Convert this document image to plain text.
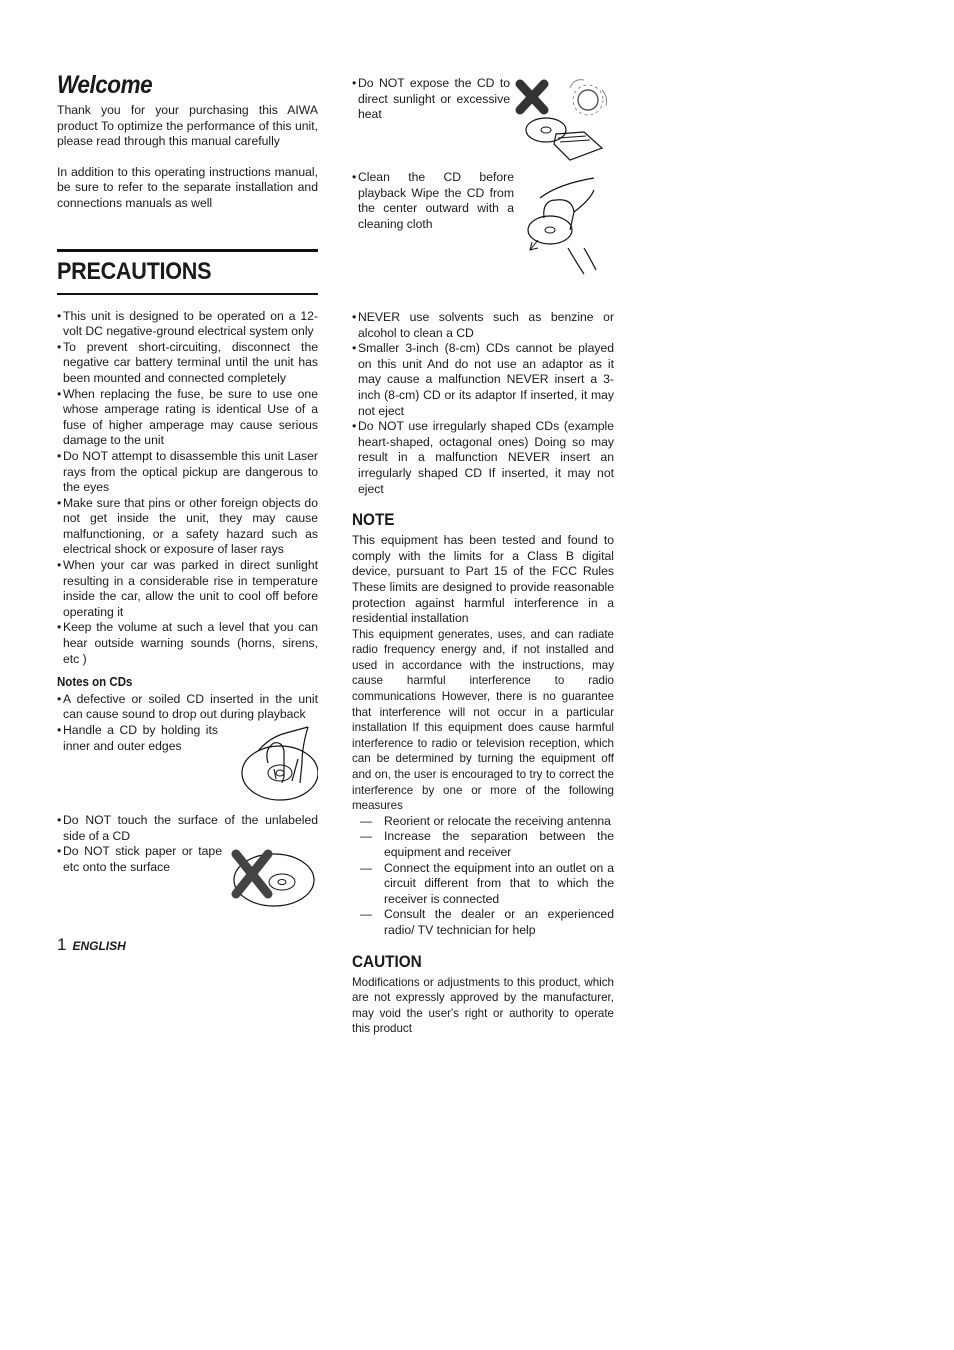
Welcome

Thank you for your purchasing this AIWA product To optimize the performance of this unit, please read through this manual carefully

In addition to this operating instructions manual, be sure to refer to the separate installation and connections manuals as well

PRECAUTIONS
• This unit is designed to be operated on a 12-volt DC negative-ground electrical system only
• To prevent short-circuiting, disconnect the negative car battery terminal until the unit has been mounted and connected completely
• When replacing the fuse, be sure to use one whose amperage rating is identical Use of a fuse of higher amperage may cause serious damage to the unit
• Do NOT attempt to disassemble this unit Laser rays from the optical pickup are dangerous to the eyes
• Make sure that pins or other foreign objects do not get inside the unit, they may cause malfunctioning, or a safety hazard such as electrical shock or exposure of laser rays
• When your car was parked in direct sunlight resulting in a considerable rise in temperature inside the car, allow the unit to cool off before operating it
• Keep the volume at such a level that you can hear outside warning sounds (horns, sirens, etc )
Notes on CDs
• A defective or soiled CD inserted in the unit can cause sound to drop out during playback
• Handle a CD by holding its inner and outer edges
• Do NOT touch the surface of the unlabeled side of a CD
• Do NOT stick paper or tape etc onto the surface
• Do NOT expose the CD to direct sunlight or excessive heat
• Clean the CD before playback Wipe the CD from the center outward with a cleaning cloth
• NEVER use solvents such as benzine or alcohol to clean a CD
• Smaller 3-inch (8-cm) CDs cannot be played on this unit And do not use an adaptor as it may cause a malfunction NEVER insert a 3-inch (8-cm) CD or its adaptor If inserted, it may not eject
• Do NOT use irregularly shaped CDs (example heart-shaped, octagonal ones) Doing so may result in a malfunction NEVER insert an irregularly shaped CD If inserted, it may not eject
NOTE

This equipment has been tested and found to comply with the limits for a Class B digital device, pursuant to Part 15 of the FCC Rules These limits are designed to provide reasonable protection against harmful interference in a residential installation

This equipment generates, uses, and can radiate radio frequency energy and, if not installed and used in accordance with the instructions, may cause harmful interference to radio communications However, there is no guarantee that interference will not occur in a particular installation If this equipment does cause harmful interference to radio or television reception, which can be determined by turning the equipment off and on, the user is encouraged to try to correct the interference by one or more of the following measures

— Reorient or relocate the receiving antenna
— Increase the separation between the equipment and receiver
— Connect the equipment into an outlet on a circuit different from that to which the receiver is connected
— Consult the dealer or an experienced radio/ TV technician for help
CAUTION

Modifications or adjustments to this product, which are not expressly approved by the manufacturer, may void the user's right or authority to operate this product

1 ENGLISH
